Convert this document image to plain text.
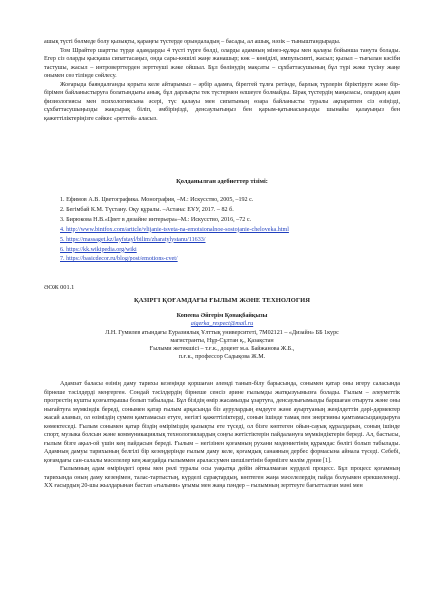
ашық түсті бөлмеде болу қызықты, қараңғы түстерде орындаладың – басады, ал ашық, нәзік – тыныштандырады.

Том Шрайтер шартты түрде адамдарды 4 түсті түрге бөлді, оларды адамның мінез-құлқы мен қалауы бойынша танута болады. Егер сіз оларды қысқаша сипаттасаңыз, онда сары-көшілі жаңе жанашыр; көк – көніділі, импульсивті, жасыл; қызыл – тығылан кәсіби тастушы, жасыл – интроверттерден зерттеуші жәке ойшыл. Бұл бөлінудің мақсаты – сұхбаттасушының бұл түрі жәке түсіну жаңе онымен сөз тілінде сөйлесу.

Жоғарыда баяндалғанды қорыта келе айтарымыз – әрбір адамға, біреггей тұлға ретінде, барлық түрлерін біріктіруге және бір-бірімен байланыстыруға болатындығы анық, бұл дарлықты тек түстермен өлшеуге болмайды. Бірақ түстердің маңызасы, олардың адам физиологиясы мен психологиясына әсері, түс қалауы мен сипатының өзара байланысты туралы ақпаратпен сіз өзіңізді, сұхбаттасушыңызды жақсырақ біліп, әмбіріңізді, денсаулығыңыз бен қарым-қатынасыңызды шынайы қалауыңыз бен қажеттіліктеріңізге сәйкес «реттей» аласыз.

Қолданылған әдебиеттер тізімі:
1. Ефимов А.В. Цветографика. Монография, –М.: Искусство, 2005, –192 с.
2. Бегімбай К.М. Түстану. Оқу құралы. –Астана: ЕҰУ, 2017. – 82 б.
3. Бирюкова Н.В.«Цвет в дизайне интерьера»–М.: Искусство, 2016, –72 с.
4. http://www.bintfox.com/article/vlijanie-tsveta-na-emotsionalnoe-sostojanie-cheloveka.html
5. https://massaget.kz/layfstayl/bilim/zharatylystanu/11633/
6. https://kk.wikipedia.org/wiki
7. https://basicdecor.ru/blog/post/emotions-cvet/
ӘОЖ 001.1
ҚАЗІРГІ ҚОҒАМДАҒЫ ҒЫЛЫМ ЖӘНЕ ТЕХНОЛОГИЯ
Копеева Әйгерім Қонақбайқызы
aigerka_respect@mail.ru
Л.Н. Гумилев атындағы Еуразиялық Ұлттық университеті, 7М02121 – «Дизайн» ББ 1курс
магистранты, Нұр-Сұлтан қ., Қазақстан
Ғылыми жетекшісі – т.ғ.к., доцент м.а. Байжанова Ж.Б.,
п.ғ.к., профессор Садықова Ж.М.

Адамзат баласы өзінің даму тарихы кезеңінде қоршаған әлемді танып-білу барысында, сонымен қатар оны игеру саласында бірнеше тәсілдерді меңгерген. Сондай тәсілдердің бірнеше сенсіз әрине ғылымды жатқызуымызға болады. Ғылым – әлеуметтік прогрестің күшты қозғалтқышы болып табылады. Бұл бізідің өмір жасамызды ұзартуға, денсаулығымызды баршаған отырута және оны нығайтуға мүмкіндік береді, сонымен қатар ғылым арқасында біз аурулардың емдеуге және ауыртуаның жеңілдеттін дәрі-дәрмектер жасай аламыз, ол өзіміздің сумем қамтамасыз етуге, негізгі қажеттіліктерді, сонын ішінде тамақ пен энергияны қамтамасыздандыруға көмектеседі. Ғылым сонымен қатар біздің өміріміздің қызықты ете түседі, ол бізге көптеген ойын-сауық құралдарын, соның ішінде спорт, музыка болсын және коммуникациялық технологиялардың соңғы жетістіктерін пайдалануға мүмкіндіктерін береді. Ал, бастысы, ғылым бізге ақыл-ой үшін кең пайдасын береді. Ғылым – негізінен қоғамның рухани мәдениетінің құрамдас бөлігі болып табылады. Адамның дамуы тарихының белгілі бір кезеңдерінде ғылым даму келе, қоғамдық санаяның дербес формасына айнала түседі. Себебі, қоғамдағы сан-салалы мәселелер кең жағдайда ғылыммен аралассумен шешілетінін бәрміізге мәлім дүние [1].

Ғылымның адам өміріндегі орны мен рөлі туралы осы уақытқа дейін әйткалмаған күрделі процесс. Бұл процесс қоғамның тарихында оның даму кезеңімен, талас-тартыстың, күрделі сұрақтардың, көптеген жаңа мәселелердің пайда болуымен ерекшеленеді. XX ғасырдың 20-шы жылдарынан бастап «ғылыми» ұғымы мен жаңа пәндер – ғылымның зерттеуге бағытталған мәні мен
